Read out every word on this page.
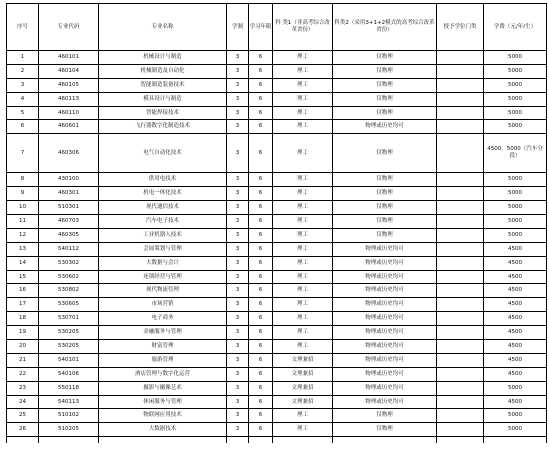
序号	专业代码	专业名称	学制	学习年限	科 类1（非高考综合改革省份）	科类2（采用3+1+2模式的高考综合改革省份）	授予学位门类	学费（元/年/生）
1	460101	机械设计与制造	3	6	理工	仅物理		5000
2	460104	机械制造及自动化	3	6	理工	仅物理		5000
3	460105	智能制造装备技术	3	6	理工	仅物理		5000
4	460113	模具设计与制造	3	6	理工	仅物理		5000
5	460110	智能焊接技术	3	6	理工	仅物理		5000
6	460601	飞行器数字化制造技术	3	6	理工	物理或历史均可		5000
7	460306	电气自动化技术	3	6	理工	仅物理		4500，5000（汽车分段）
8	430100	供用电技术	3	6	理工	仅物理		5000
9	460301	机电一体化技术	3	6	理工	仅物理		5000
10	510301	现代通信技术	3	6	理工	仅物理		5000
11	460703	汽车电子技术	3	6	理工	仅物理		5000
12	460305	工业机器人技术	3	6	理工	仅物理		5000
13	540112	会展策划与管理	3	6	理工	物理或历史均可		4500
14	530302	大数据与会计	3	6	理工	物理或历史均可		4500
15	530602	连锁经营与管理	3	6	理工	物理或历史均可		4500
16	530802	现代物流管理	3	6	理工	物理或历史均可		4500
17	530605	市场营销	3	6	理工	物理或历史均可		4500
18	530701	电子商务	3	6	理工	物理或历史均可		4500
19	530205	金融服务与管理	3	6	理工	物理或历史均可		4500
20	530205	财富管理	3	6	理工	物理或历史均可		4500
21	540101	旅游管理	3	6	文理兼招	物理或历史均可		4500
22	540106	酒店管理与数字化运营	3	6	文理兼招	物理或历史均可		4500
23	550118	摄影与摄像艺术	3	6	文理兼招	物理或历史均可		5000
24	540113	休闲服务与管理	3	6	文理兼招	物理或历史均可		4500
25	510102	物联网应用技术	3	6	理工	仅物理		5000
26	510205	大数据技术	3	6	理工	仅物理		5000
